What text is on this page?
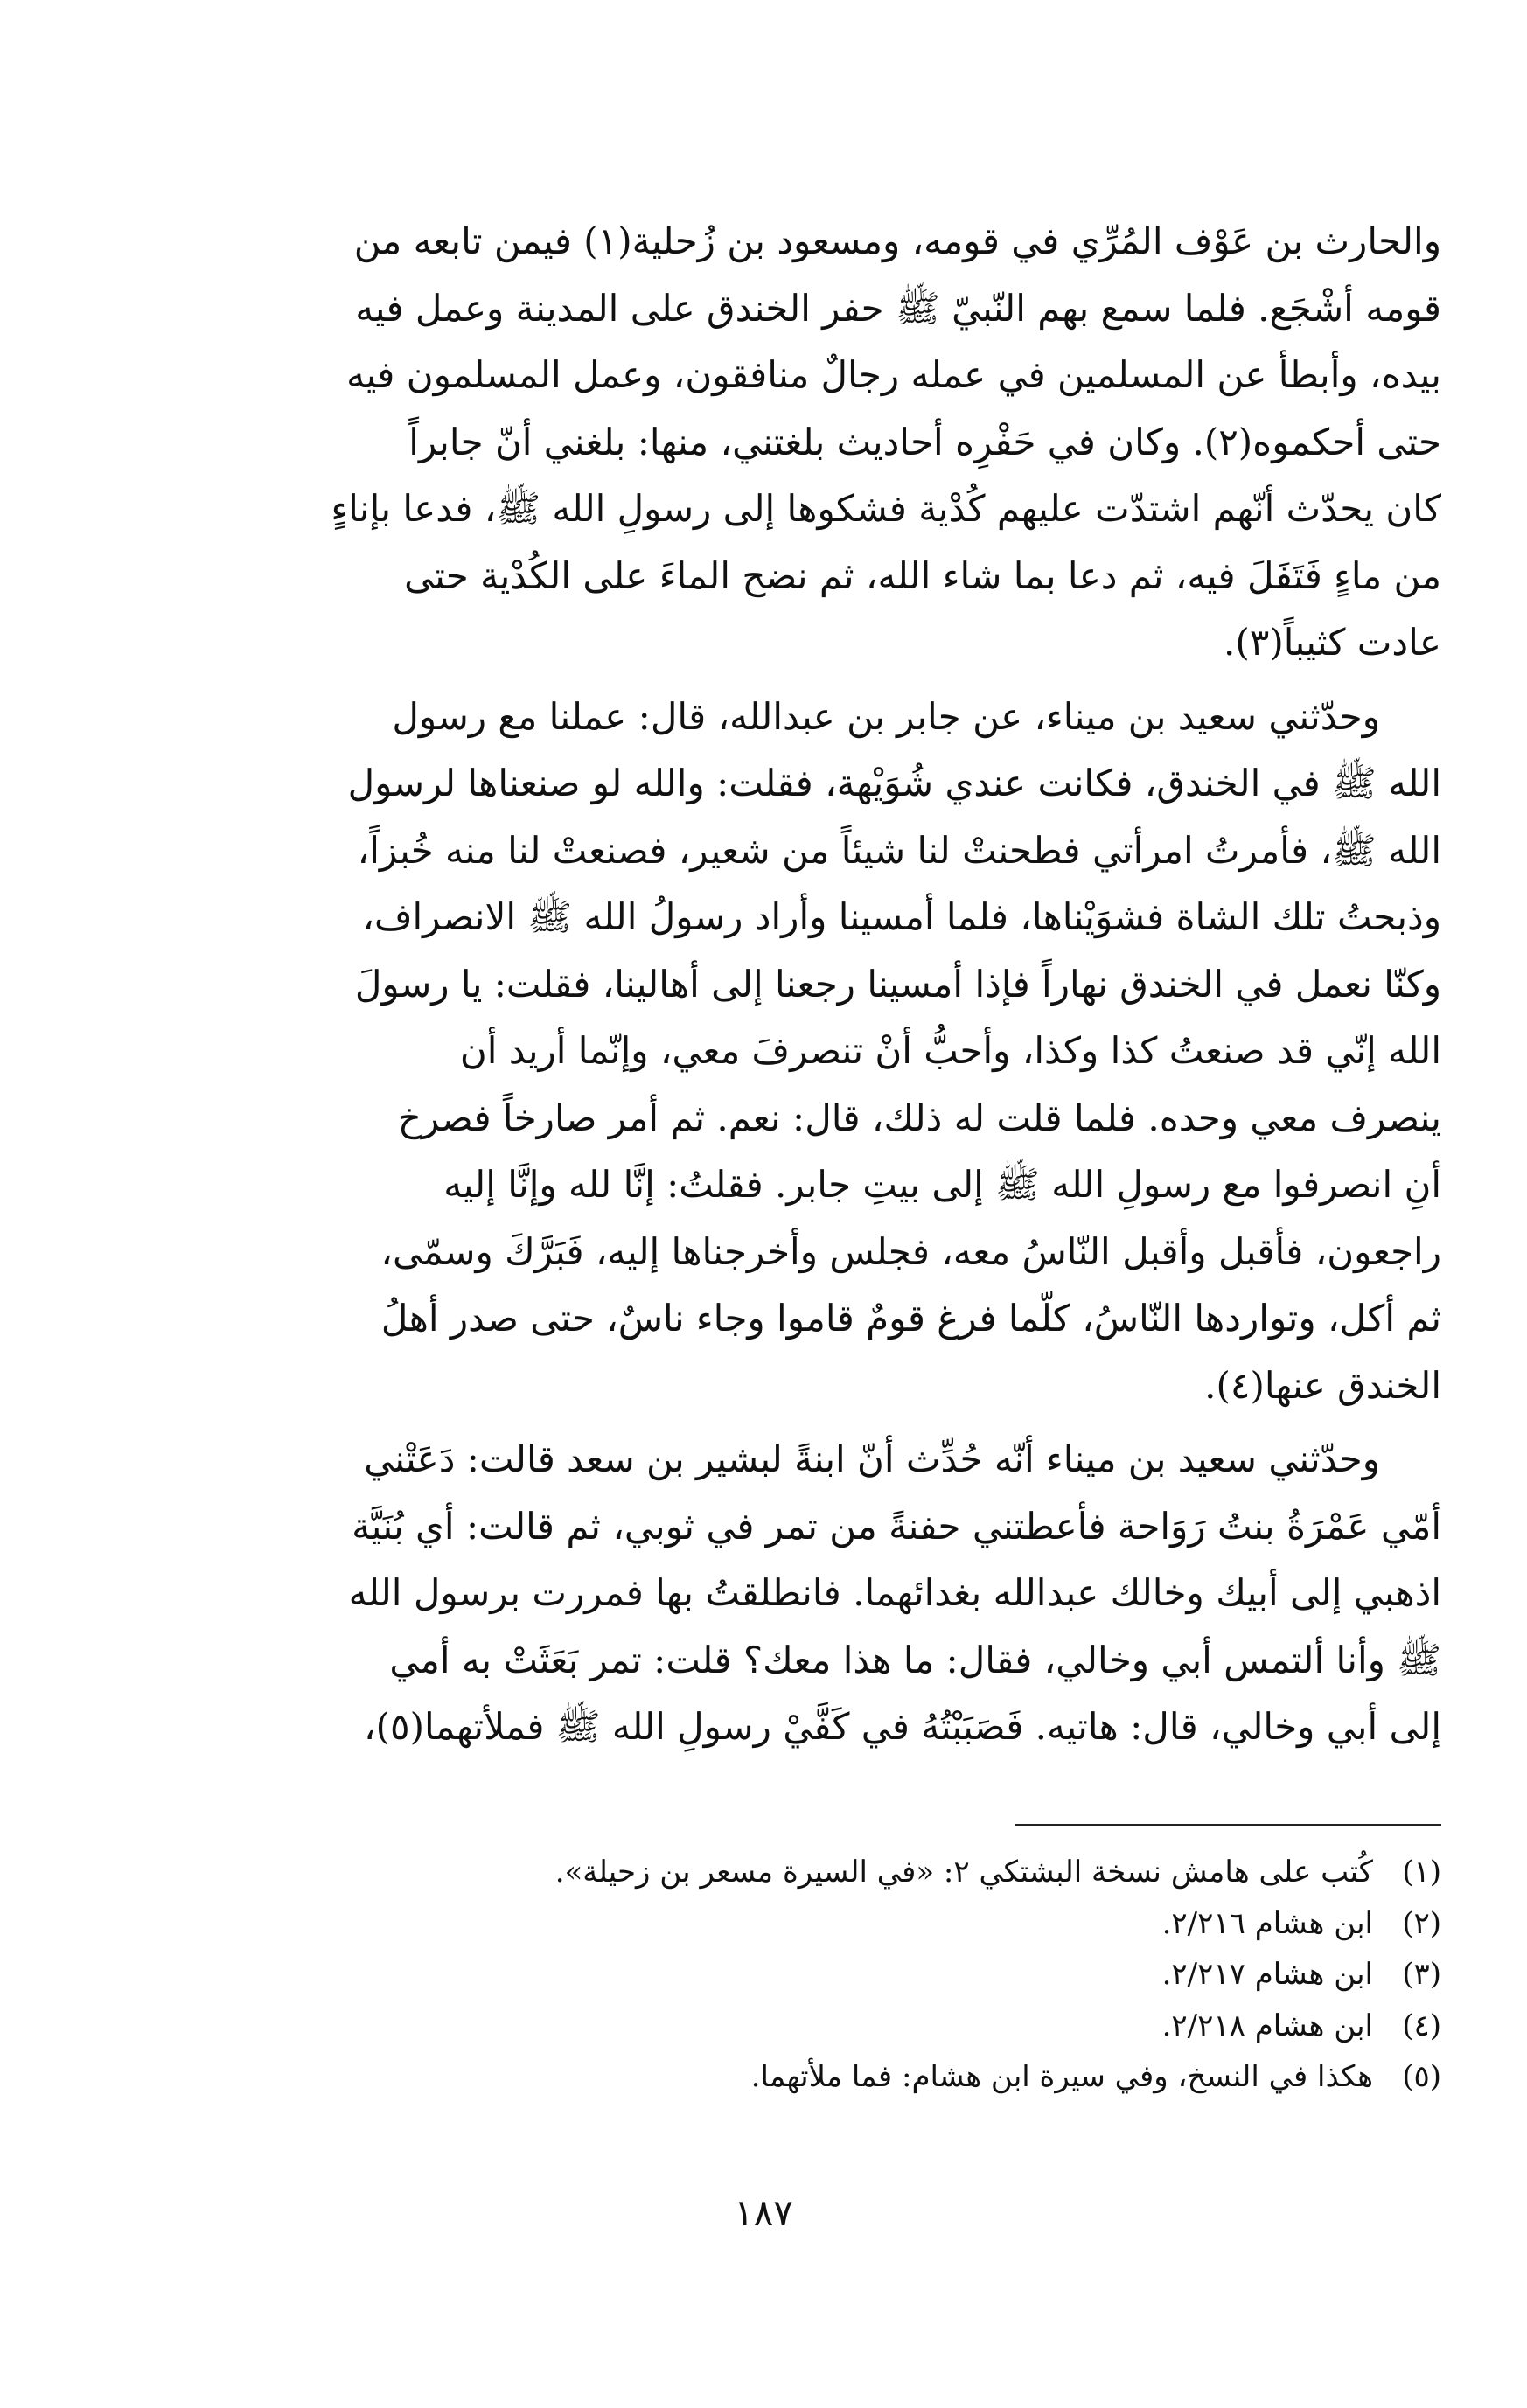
والحارث بن عَوْف المُرِّي في قومه، ومسعود بن زُحلية(١) فيمن تابعه من
قومه أشْجَع. فلما سمع بهم النّبيّ ﷺ حفر الخندق على المدينة وعمل فيه
بيده، وأبطأ عن المسلمين في عمله رجالٌ منافقون، وعمل المسلمون فيه
حتى أحكموه(٢). وكان في حَفْرِه أحاديث بلغتني، منها: بلغني أنّ جابراً
كان يحدّث أنّهم اشتدّت عليهم كُدْية فشكوها إلى رسولِ الله ﷺ، فدعا بإناءٍ
من ماءٍ فَتَفَلَ فيه، ثم دعا بما شاء الله، ثم نضح الماءَ على الكُدْية حتى
عادت كثيباً(٣).

وحدّثني سعيد بن ميناء، عن جابر بن عبدالله، قال: عملنا مع رسول
الله ﷺ في الخندق، فكانت عندي شُوَيْهة، فقلت: والله لو صنعناها لرسول
الله ﷺ، فأمرتُ امرأتي فطحنتْ لنا شيئاً من شعير، فصنعتْ لنا منه خُبزاً،
وذبحتُ تلك الشاة فشوَيْناها، فلما أمسينا وأراد رسولُ الله ﷺ الانصراف،
وكنّا نعمل في الخندق نهاراً فإذا أمسينا رجعنا إلى أهالينا، فقلت: يا رسولَ
الله إنّي قد صنعتُ كذا وكذا، وأحبُّ أنْ تنصرفَ معي، وإنّما أريد أن
ينصرف معي وحده. فلما قلت له ذلك، قال: نعم. ثم أمر صارخاً فصرخ
أنِ انصرفوا مع رسولِ الله ﷺ إلى بيتِ جابر. فقلتُ: إنَّا لله وإنَّا إليه
راجعون، فأقبل وأقبل النّاسُ معه، فجلس وأخرجناها إليه، فَبَرَّكَ وسمّى،
ثم أكل، وتواردها النّاسُ، كلّما فرغ قومٌ قاموا وجاء ناسٌ، حتى صدر أهلُ
الخندق عنها(٤).

وحدّثني سعيد بن ميناء أنّه حُدِّث أنّ ابنةً لبشير بن سعد قالت: دَعَتْني
أمّي عَمْرَةُ بنتُ رَوَاحة فأعطتني حفنةً من تمر في ثوبي، ثم قالت: أي بُنَيَّة
اذهبي إلى أبيك وخالك عبدالله بغدائهما. فانطلقتُ بها فمررت برسول الله
ﷺ وأنا ألتمس أبي وخالي، فقال: ما هذا معك؟ قلت: تمر بَعَثَتْ به أمي
إلى أبي وخالي، قال: هاتيه. فَصَبَبْتُهُ في كَفَّيْ رسولِ الله ﷺ فملأتهما(٥)،

(١)
كُتب على هامش نسخة البشتكي ٢: «في السيرة مسعر بن زحيلة».
(٢)
ابن هشام ٢/٢١٦.
(٣)
ابن هشام ٢/٢١٧.
(٤)
ابن هشام ٢/٢١٨.
(٥)
هكذا في النسخ، وفي سيرة ابن هشام: فما ملأتهما.
١٨٧
